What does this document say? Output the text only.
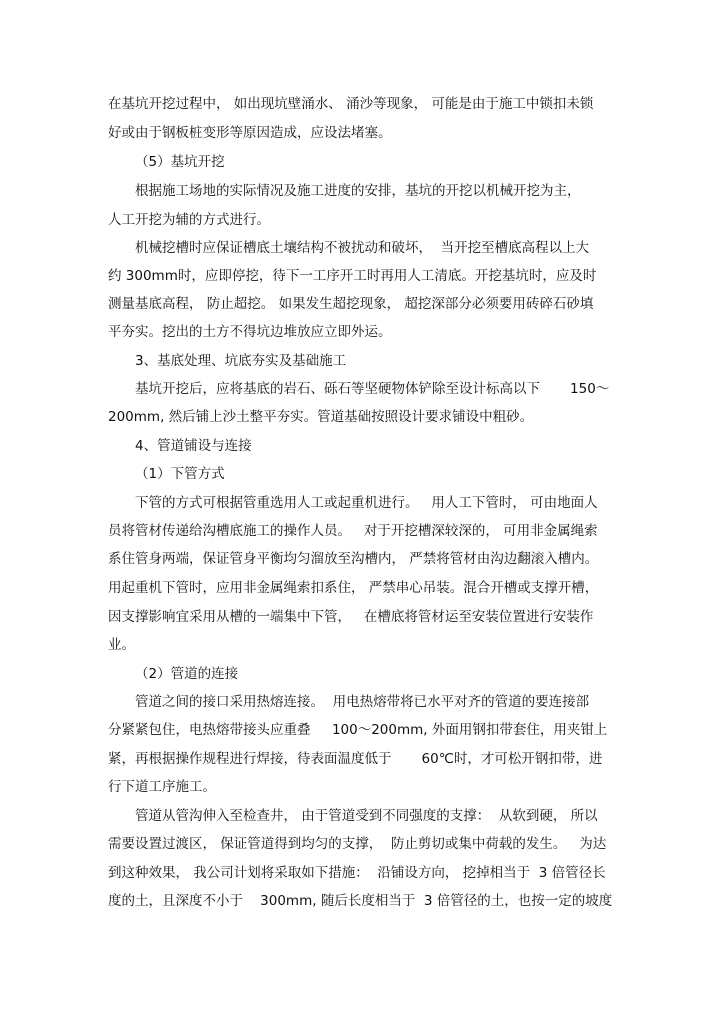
在基坑开挖过程中， 如出现坑壁涌水、 涌沙等现象， 可能是由于施工中锁扣未锁
好或由于钢板桩变形等原因造成，应设法堵塞。
（5）基坑开挖
根据施工场地的实际情况及施工进度的安排，基坑的开挖以机械开挖为主，
人工开挖为辅的方式进行。
机械挖槽时应保证槽底土壤结构不被扰动和破坏，  当开挖至槽底高程以上大
约 300mm时，应即停挖，待下一工序开工时再用人工清底。开挖基坑时，应及时
测量基底高程， 防止超挖。 如果发生超挖现象， 超挖深部分必须要用砖碎石砂填
平夯实。挖出的土方不得坑边堆放应立即外运。
3、基底处理、坑底夯实及基础施工
基坑开挖后，应将基底的岩石、砾石等坚硬物体铲除至设计标高以下       150～
200mm, 然后铺上沙土整平夯实。管道基础按照设计要求铺设中粗砂。
4、管道铺设与连接
（1）下管方式
下管的方式可根据管重选用人工或起重机进行。   用人工下管时， 可由地面人
员将管材传递给沟槽底施工的操作人员。   对于开挖槽深较深的， 可用非金属绳索
系住管身两端，保证管身平衡均匀溜放至沟槽内， 严禁将管材由沟边翻滚入槽内。
用起重机下管时，应用非金属绳索扣系住， 严禁串心吊装。混合开槽或支撑开槽，
因支撑影响宜采用从槽的一端集中下管，   在槽底将管材运至安装位置进行安装作
业。
（2）管道的连接
管道之间的接口采用热熔连接。  用电热熔带将已水平对齐的管道的要连接部
分紧紧包住，电热熔带接头应重叠     100～200mm, 外面用钢扣带套住，用夹钳上
紧，再根据操作规程进行焊接，待表面温度低于       60℃时，才可松开钢扣带，进
行下道工序施工。
管道从管沟伸入至检查井， 由于管道受到不同强度的支撑：  从软到硬， 所以
需要设置过渡区， 保证管道得到均匀的支撑，  防止剪切或集中荷载的发生。   为达
到这种效果， 我公司计划将采取如下措施：  沿铺设方向， 挖掉相当于  3 倍管径长
度的土，且深度不小于    300mm, 随后长度相当于  3 倍管径的土，也按一定的坡度
